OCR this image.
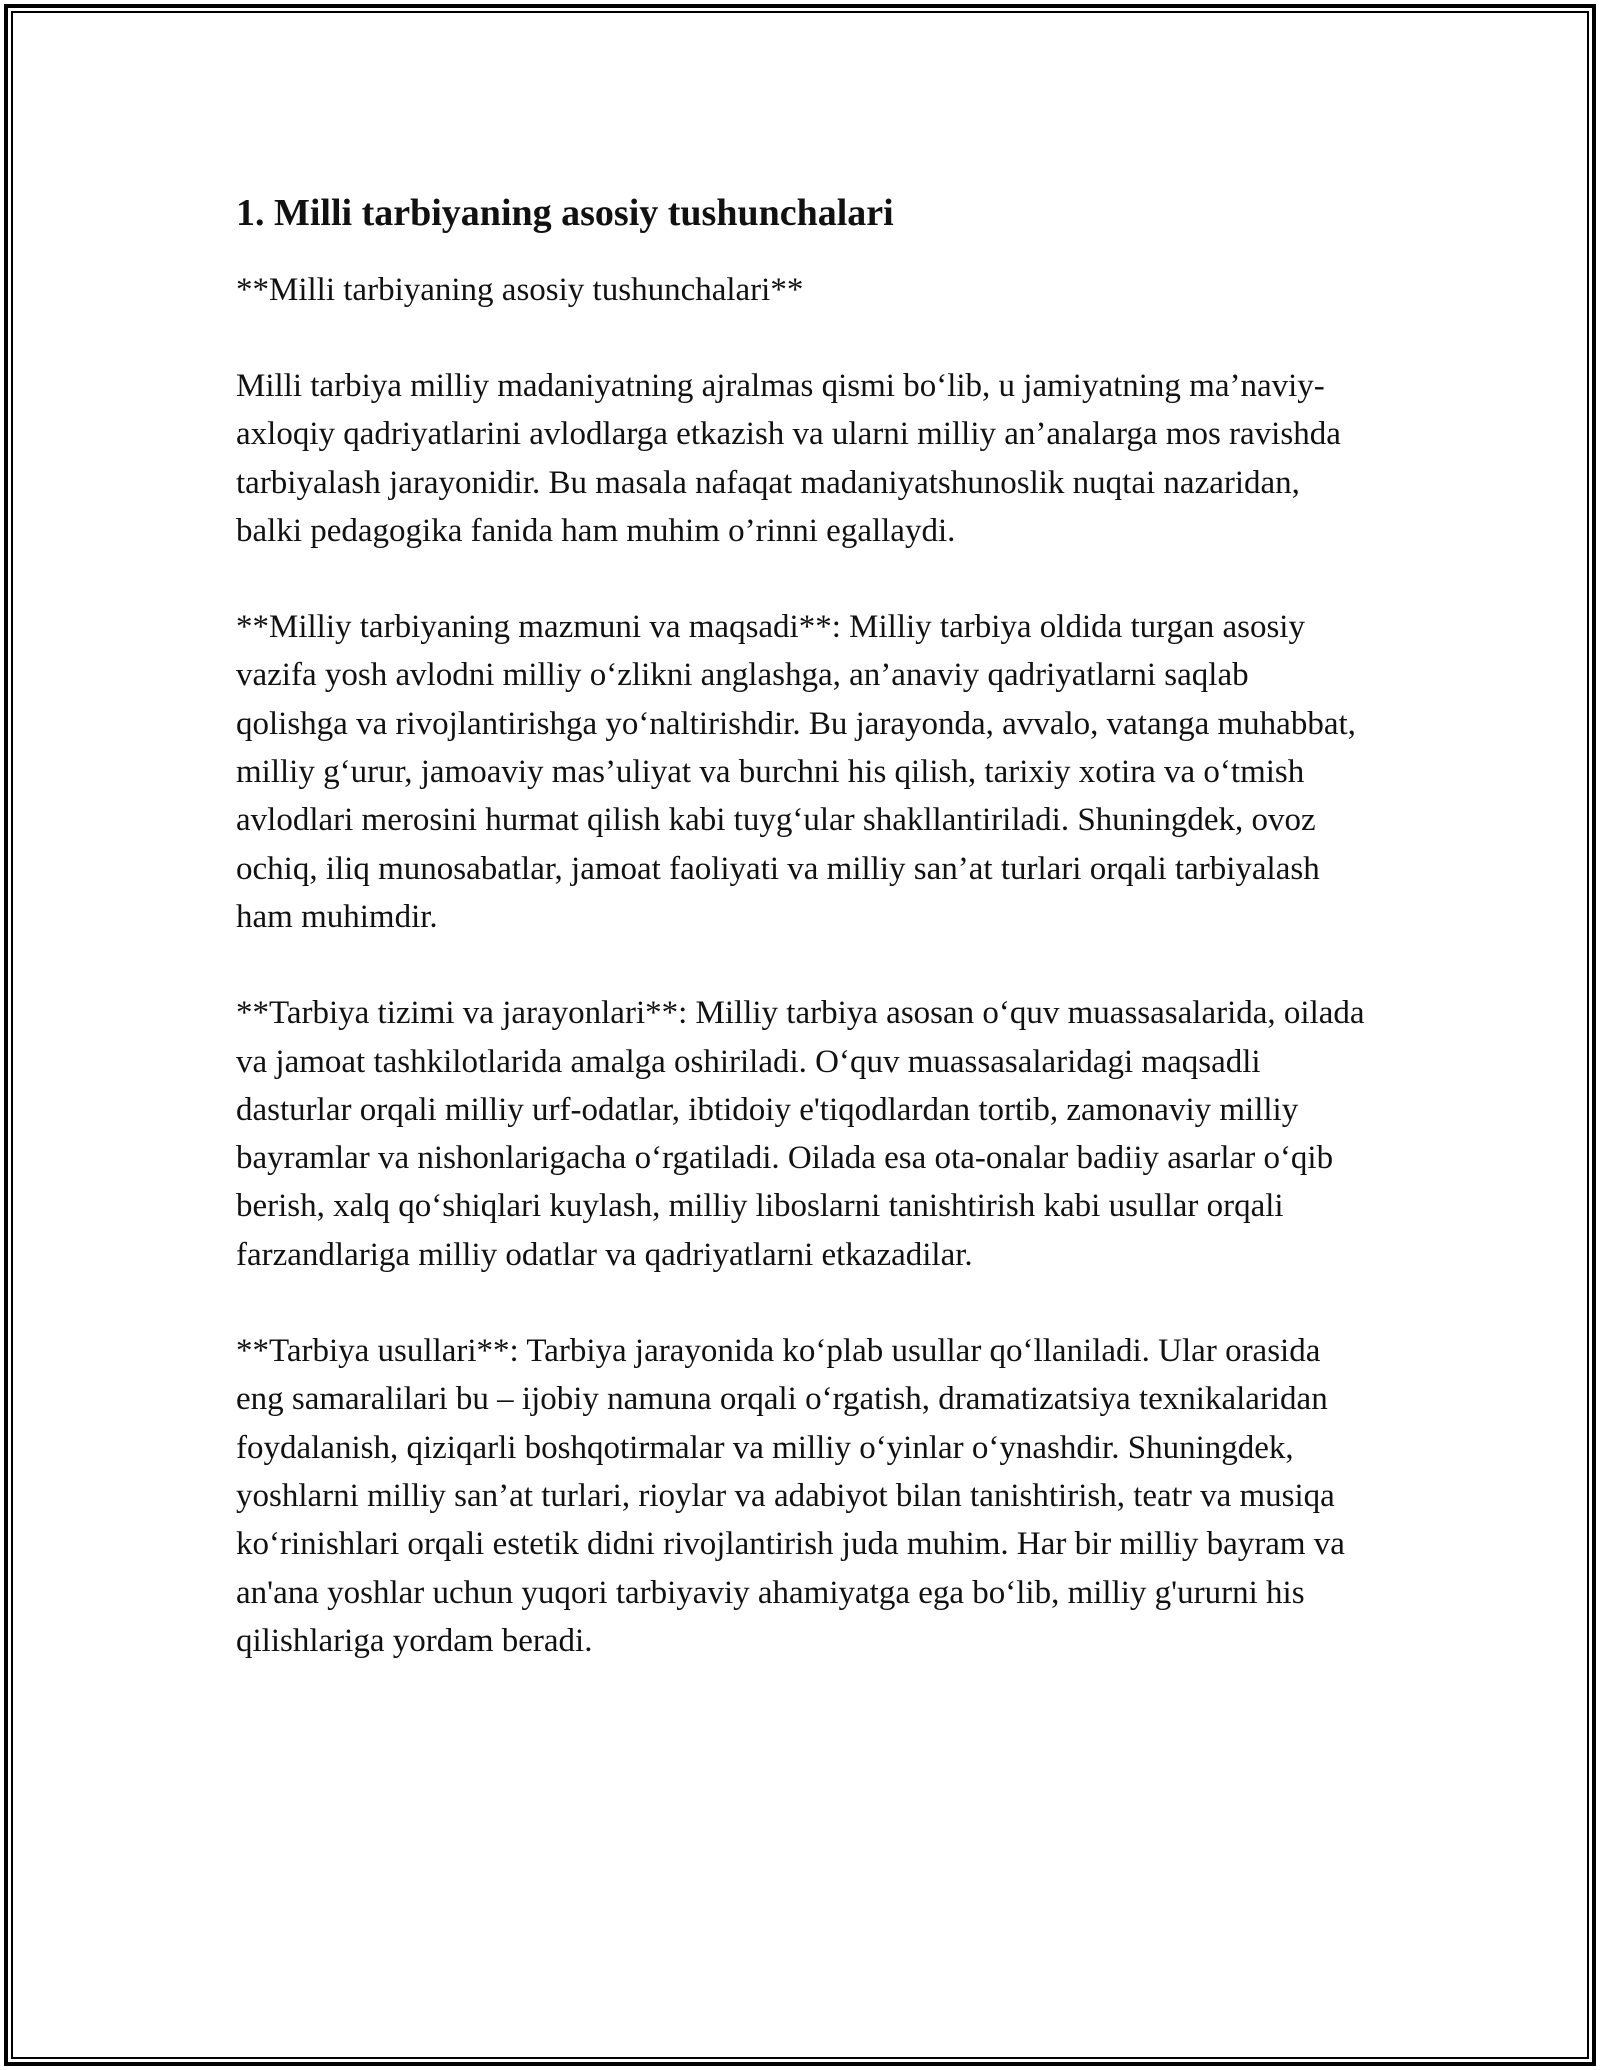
1. Milli tarbiyaning asosiy tushunchalari

**Milli tarbiyaning asosiy tushunchalari**

Milli tarbiya milliy madaniyatning ajralmas qismi bo‘lib, u jamiyatning ma’naviy-axloqiy qadriyatlarini avlodlarga etkazish va ularni milliy an’analarga mos ravishda tarbiyalash jarayonidir. Bu masala nafaqat madaniyatshunoslik nuqtai nazaridan, balki pedagogika fanida ham muhim o’rinni egallaydi.

**Milliy tarbiyaning mazmuni va maqsadi**: Milliy tarbiya oldida turgan asosiy vazifa yosh avlodni milliy o‘zlikni anglashga, an’anaviy qadriyatlarni saqlab qolishga va rivojlantirishga yo‘naltirishdir. Bu jarayonda, avvalo, vatanga muhabbat, milliy g‘urur, jamoaviy mas’uliyat va burchni his qilish, tarixiy xotira va o‘tmish avlodlari merosini hurmat qilish kabi tuyg‘ular shakllantiriladi. Shuningdek, ovoz ochiq, iliq munosabatlar, jamoat faoliyati va milliy san’at turlari orqali tarbiyalash ham muhimdir.

**Tarbiya tizimi va jarayonlari**: Milliy tarbiya asosan o‘quv muassasalarida, oilada va jamoat tashkilotlarida amalga oshiriladi. O‘quv muassasalaridagi maqsadli dasturlar orqali milliy urf-odatlar, ibtidoiy e'tiqodlardan tortib, zamonaviy milliy bayramlar va nishonlarigacha o‘rgatiladi. Oilada esa ota-onalar badiiy asarlar o‘qib berish, xalq qo‘shiqlari kuylash, milliy liboslarni tanishtirish kabi usullar orqali farzandlariga milliy odatlar va qadriyatlarni etkazadilar.

**Tarbiya usullari**: Tarbiya jarayonida ko‘plab usullar qo‘llaniladi. Ular orasida eng samaralilari bu – ijobiy namuna orqali o‘rgatish, dramatizatsiya texnikalaridan foydalanish, qiziqarli boshqotirmalar va milliy o‘yinlar o‘ynashdir. Shuningdek, yoshlarni milliy san’at turlari, rioylar va adabiyot bilan tanishtirish, teatr va musiqa ko‘rinishlari orqali estetik didni rivojlantirish juda muhim. Har bir milliy bayram va an'ana yoshlar uchun yuqori tarbiyaviy ahamiyatga ega bo‘lib, milliy g'ururni his qilishlariga yordam beradi.
